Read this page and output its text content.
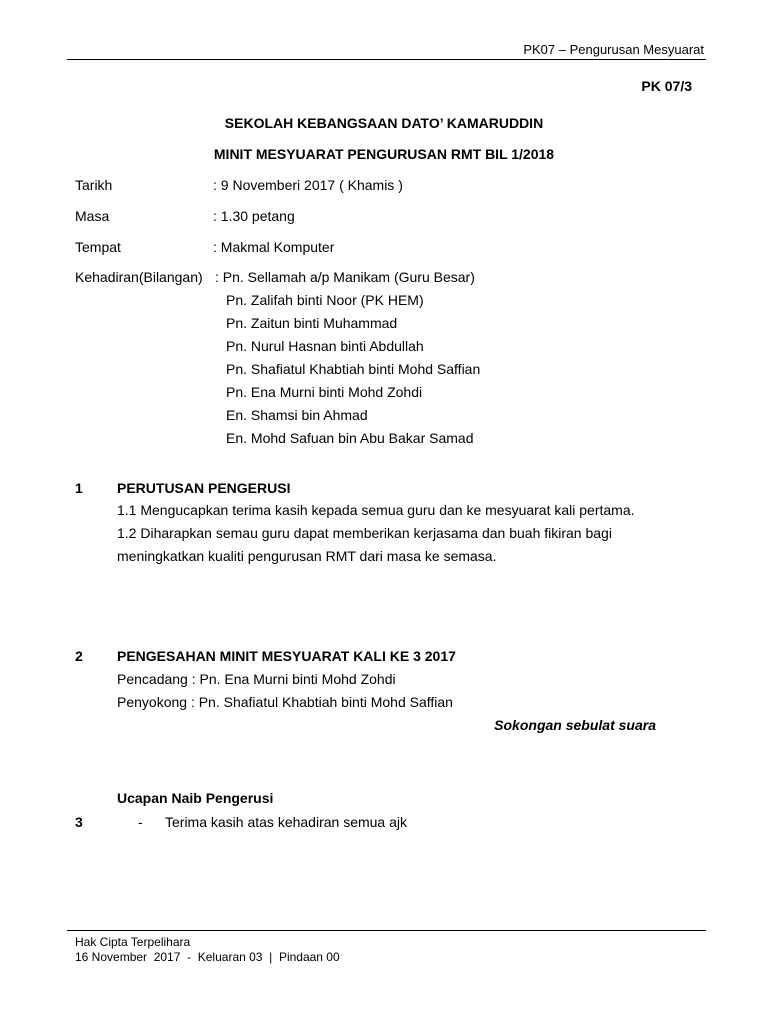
PK07 – Pengurusan Mesyuarat
PK 07/3
SEKOLAH KEBANGSAAN DATO’ KAMARUDDIN
MINIT MESYUARAT PENGURUSAN RMT BIL 1/2018
Tarikh	: 9 Novemberi 2017 ( Khamis )
Masa	: 1.30 petang
Tempat	: Makmal Komputer
Kehadiran(Bilangan) : Pn. Sellamah a/p Manikam (Guru Besar)
Pn. Zalifah binti Noor (PK HEM)
Pn. Zaitun binti Muhammad
Pn. Nurul Hasnan binti Abdullah
Pn. Shafiatul Khabtiah binti Mohd Saffian
Pn. Ena Murni binti Mohd Zohdi
En. Shamsi bin Ahmad
En. Mohd Safuan bin Abu Bakar Samad
1 PERUTUSAN PENGERUSI
1.1 Mengucapkan terima kasih kepada semua guru dan ke mesyuarat kali pertama.
1.2 Diharapkan semau guru dapat memberikan kerjasama dan buah fikiran bagi
meningkatkan kualiti pengurusan RMT dari masa ke semasa.
2 PENGESAHAN MINIT MESYUARAT KALI KE 3 2017
Pencadang : Pn. Ena Murni binti Mohd Zohdi
Penyokong : Pn. Shafiatul Khabtiah binti Mohd Saffian
Sokongan sebulat suara
Ucapan Naib Pengerusi
3	- Terima kasih atas kehadiran semua ajk
Hak Cipta Terpelihara
16 November  2017 - Keluaran 03 | Pindaan 00
